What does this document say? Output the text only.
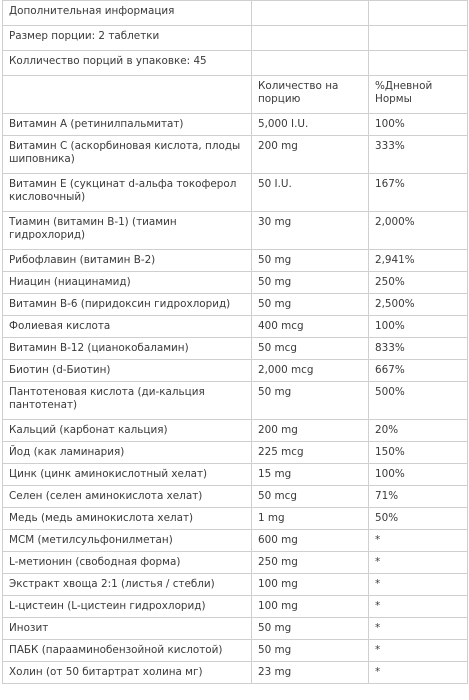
Дополнительная информация		
Размер порции: 2 таблетки		
Колличество порций в упаковке: 45		
	Количество на порцию	%Дневной Нормы
Витамин А (ретинилпальмитат)	5,000 I.U.	100%
Витамин C (аскорбиновая кислота, плоды шиповника)	200 mg	333%
Витамин Е (сукцинат d-альфа токоферол кисловочный)	50 I.U.	167%
Тиамин (витамин B-1) (тиамин гидрохлорид)	30 mg	2,000%
Рибофлавин (витамин B-2)	50 mg	2,941%
Ниацин (ниацинамид)	50 mg	250%
Витамин B-6 (пиридоксин гидрохлорид)	50 mg	2,500%
Фолиевая кислота	400 mcg	100%
Витамин B-12 (цианокобаламин)	50 mcg	833%
Биотин (d-Биотин)	2,000 mcg	667%
Пантотеновая кислота (ди-кальция пантотенат)	50 mg	500%
Кальций (карбонат кальция)	200 mg	20%
Йод (как ламинария)	225 mcg	150%
Цинк (цинк аминокислотный хелат)	15 mg	100%
Селен (селен аминокислота хелат)	50 mcg	71%
Медь (медь аминокислота хелат)	1 mg	50%
MCM (метилсульфонилметан)	600 mg	*
L-метионин (свободная форма)	250 mg	*
Экстракт хвоща 2:1 (листья / стебли)	100 mg	*
L-цистеин (L-цистеин гидрохлорид)	100 mg	*
Инозит	50 mg	*
ПАБК (парааминобензойной кислотой)	50 mg	*
Холин (от 50 битартрат холина мг)	23 mg	*
